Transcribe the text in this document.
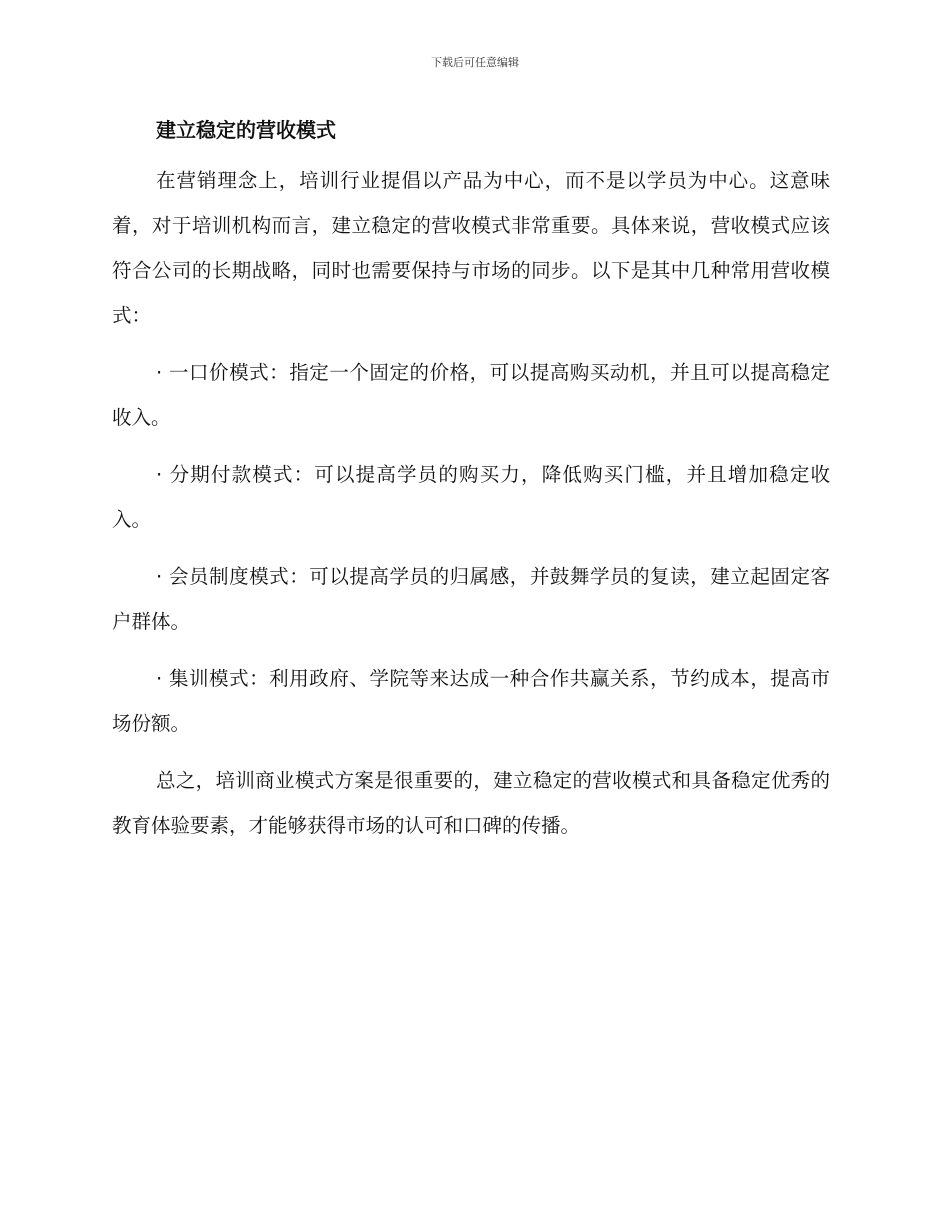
下载后可任意编辑
建立稳定的营收模式

在营销理念上，培训行业提倡以产品为中心，而不是以学员为中心。这意味着，对于培训机构而言，建立稳定的营收模式非常重要。具体来说，营收模式应该符合公司的长期战略，同时也需要保持与市场的同步。以下是其中几种常用营收模式：

· 一口价模式：指定一个固定的价格，可以提高购买动机，并且可以提高稳定收入。

· 分期付款模式：可以提高学员的购买力，降低购买门槛，并且增加稳定收入。

· 会员制度模式：可以提高学员的归属感，并鼓舞学员的复读，建立起固定客户群体。

· 集训模式：利用政府、学院等来达成一种合作共赢关系，节约成本，提高市场份额。

总之，培训商业模式方案是很重要的，建立稳定的营收模式和具备稳定优秀的教育体验要素，才能够获得市场的认可和口碑的传播。
